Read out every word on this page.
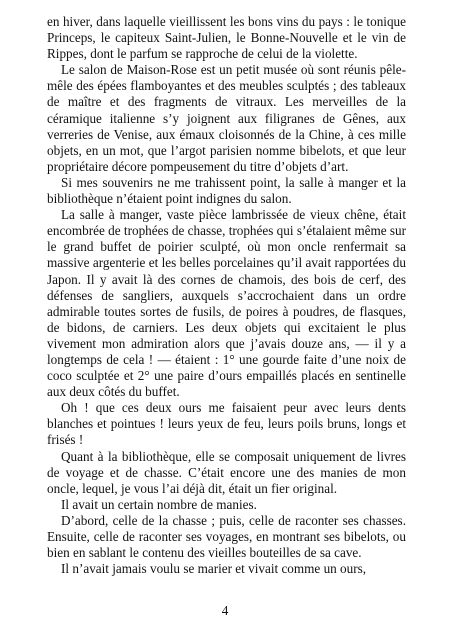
en hiver, dans laquelle vieillissent les bons vins du pays : le tonique Princeps, le capiteux Saint-Julien, le Bonne-Nouvelle et le vin de Rippes, dont le parfum se rapproche de celui de la violette.

Le salon de Maison-Rose est un petit musée où sont réunis pêle-mêle des épées flamboyantes et des meubles sculptés ; des tableaux de maître et des fragments de vitraux. Les merveilles de la céramique italienne s’y joignent aux filigranes de Gênes, aux verreries de Venise, aux émaux cloisonnés de la Chine, à ces mille objets, en un mot, que l’argot parisien nomme bibelots, et que leur propriétaire décore pompeusement du titre d’objets d’art.

Si mes souvenirs ne me trahissent point, la salle à manger et la bibliothèque n’étaient point indignes du salon.

La salle à manger, vaste pièce lambrissée de vieux chêne, était encombrée de trophées de chasse, trophées qui s’étalaient même sur le grand buffet de poirier sculpté, où mon oncle renfermait sa massive argenterie et les belles porcelaines qu’il avait rapportées du Japon. Il y avait là des cornes de chamois, des bois de cerf, des défenses de sangliers, auxquels s’accrochaient dans un ordre admirable toutes sortes de fusils, de poires à poudres, de flasques, de bidons, de carniers. Les deux objets qui excitaient le plus vivement mon admiration alors que j’avais douze ans, — il y a longtemps de cela ! — étaient : 1° une gourde faite d’une noix de coco sculptée et 2° une paire d’ours empaillés placés en sentinelle aux deux côtés du buffet.

Oh ! que ces deux ours me faisaient peur avec leurs dents blanches et pointues ! leurs yeux de feu, leurs poils bruns, longs et frisés !

Quant à la bibliothèque, elle se composait uniquement de livres de voyage et de chasse. C’était encore une des manies de mon oncle, lequel, je vous l’ai déjà dit, était un fier original.

Il avait un certain nombre de manies.

D’abord, celle de la chasse ; puis, celle de raconter ses chasses. Ensuite, celle de raconter ses voyages, en montrant ses bibelots, ou bien en sablant le contenu des vieilles bouteilles de sa cave.

Il n’avait jamais voulu se marier et vivait comme un ours,

4
